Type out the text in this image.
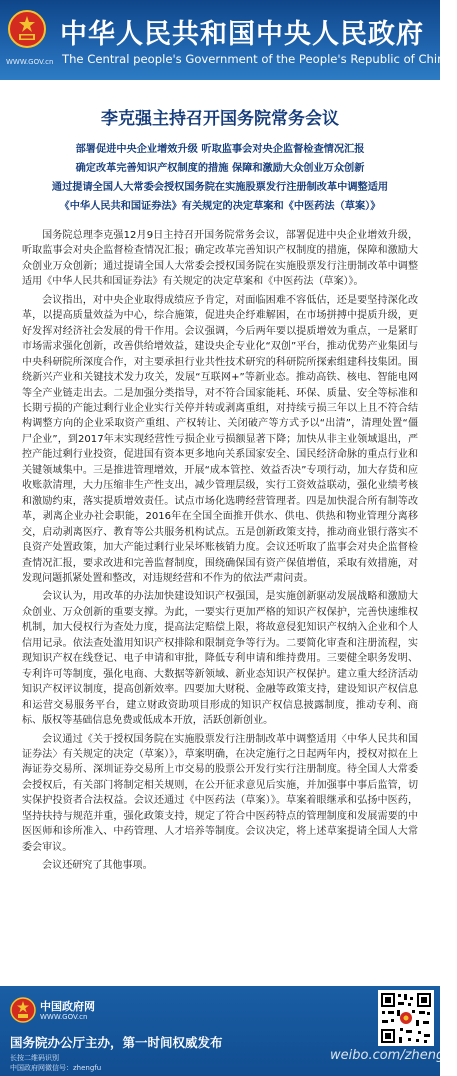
WWW.GOV.cn
中华人民共和国中央人民政府
The Central people's Government of the People's Republic of China
李克强主持召开国务院常务会议
部署促进中央企业增效升级 听取监事会对央企监督检查情况汇报
确定改革完善知识产权制度的措施 保障和激励大众创业万众创新
通过提请全国人大常委会授权国务院在实施股票发行注册制改革中调整适用
《中华人民共和国证券法》有关规定的决定草案和《中医药法（草案）》

国务院总理李克强12月9日主持召开国务院常务会议，部署促进中央企业增效升级，听取监事会对央企监督检查情况汇报；确定改革完善知识产权制度的措施，保障和激励大众创业万众创新；通过提请全国人大常委会授权国务院在实施股票发行注册制改革中调整适用《中华人民共和国证券法》有关规定的决定草案和《中医药法（草案）》。

会议指出，对中央企业取得成绩应予肯定，对面临困难不容低估，还是要坚持深化改革，以提高质量效益为中心，综合施策，促进央企纾难解困，在市场拼搏中提质升级，更好发挥对经济社会发展的骨干作用。会议强调，今后两年要以提质增效为重点，一是紧盯市场需求强化创新，改善供给增效益，建设央企专业化“双创”平台，推动优势产业集团与中央科研院所深度合作，对主要承担行业共性技术研究的科研院所探索组建科技集团。围绕新兴产业和关键技术发力攻关，发展“互联网+”等新业态。推动高铁、核电、智能电网等全产业链走出去。二是加强分类指导，对不符合国家能耗、环保、质量、安全等标准和长期亏损的产能过剩行业企业实行关停并转或剥离重组，对持续亏损三年以上且不符合结构调整方向的企业采取资产重组、产权转让、关闭破产等方式予以“出清”，清理处置“僵尸企业”，到2017年末实现经营性亏损企业亏损额显著下降；加快从非主业领域退出，严控产能过剩行业投资，促进国有资本更多地向关系国家安全、国民经济命脉的重点行业和关键领域集中。三是推进管理增效，开展“成本管控、效益否决”专项行动，加大存货和应收账款清理，大力压缩非生产性支出，减少管理层级，实行工资效益联动，强化业绩考核和激励约束，落实提质增效责任。试点市场化选聘经营管理者。四是加快混合所有制等改革，剥离企业办社会职能，2016年在全国全面推开供水、供电、供热和物业管理分离移交，启动剥离医疗、教育等公共服务机构试点。五是创新政策支持，推动商业银行落实不良资产处置政策，加大产能过剩行业呆坏账核销力度。会议还听取了监事会对央企监督检查情况汇报，要求改进和完善监督制度，围绕确保国有资产保值增值，采取有效措施，对发现问题抓紧处置和整改，对违规经营和不作为的依法严肃问责。

会议认为，用改革的办法加快建设知识产权强国，是实施创新驱动发展战略和激励大众创业、万众创新的重要支撑。为此，一要实行更加严格的知识产权保护，完善快速维权机制，加大侵权行为查处力度，提高法定赔偿上限，将故意侵犯知识产权纳入企业和个人信用记录。依法查处滥用知识产权排除和限制竞争等行为。二要简化审查和注册流程，实现知识产权在线登记、电子申请和审批，降低专利申请和维持费用。三要健全职务发明、专利许可等制度，强化电商、大数据等新领域、新业态知识产权保护。建立重大经济活动知识产权评议制度，提高创新效率。四要加大财税、金融等政策支持，建设知识产权信息和运营交易服务平台，建立财政资助项目形成的知识产权信息披露制度，推动专利、商标、版权等基础信息免费或低成本开放，活跃创新创业。

会议通过《关于授权国务院在实施股票发行注册制改革中调整适用〈中华人民共和国证券法〉有关规定的决定（草案）》，草案明确，在决定施行之日起两年内，授权对拟在上海证券交易所、深圳证券交易所上市交易的股票公开发行实行注册制度。待全国人大常委会授权后，有关部门将制定相关规则，在公开征求意见后实施，并加强事中事后监管，切实保护投资者合法权益。会议还通过《中医药法（草案）》。草案着眼继承和弘扬中医药，坚持扶持与规范并重，强化政策支持，规定了符合中医药特点的管理制度和发展需要的中医医师和诊所准入、中药管理、人才培养等制度。会议决定，将上述草案提请全国人大常委会审议。

会议还研究了其他事项。

中国政府网
WWW.GOV.cn
国务院办公厅主办，第一时间权威发布
长按二维码识别
中国政府网微信号：zhengfu
weibo.com/zhengfu
